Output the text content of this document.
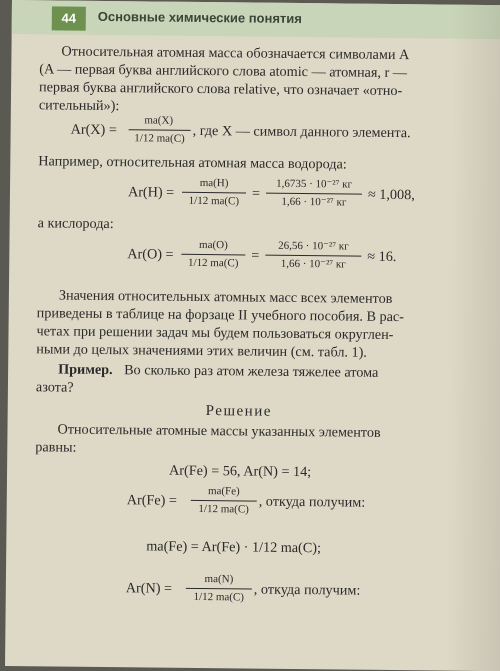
44	Основные химические понятия
Относительная атомная масса обозначается символами A
(A — первая буква английского слова atomic — атомная, r —
первая буква английского слова relative, что означает «отно-
сительный»):
Ar(X) =
ma(X)
1/12 ma(C) , где X — символ данного элемента.
Например, относительная атомная масса водорода:
Ar(H) =
ma(H)
1/12 ma(C) =
1,6735 · 10⁻²⁷ кг
1,66 · 10⁻²⁷ кг	≈ 1,008,
а кислорода:
Ar(O) =
ma(O)
1/12 ma(C) =
26,56 · 10⁻²⁷ кг
1,66 · 10⁻²⁷ кг	≈ 16.
Значения относительных атомных масс всех элементов
приведены в таблице на форзаце II учебного пособия. В рас-
четах при решении задач мы будем пользоваться округлен-
ными до целых значениями этих величин (см. табл. 1).
Пример. Во сколько раз атом железа тяжелее атома
азота?
Решение
Относительные атомные массы указанных элементов
равны:
Ar(Fe) = 56, Ar(N) = 14;
Ar(Fe) =
ma(Fe)
1/12 ma(C) , откуда получим:
ma(Fe) = Ar(Fe) · 1/12 ma(C);
Ar(N) =
ma(N)
1/12 ma(C) , откуда получим:
